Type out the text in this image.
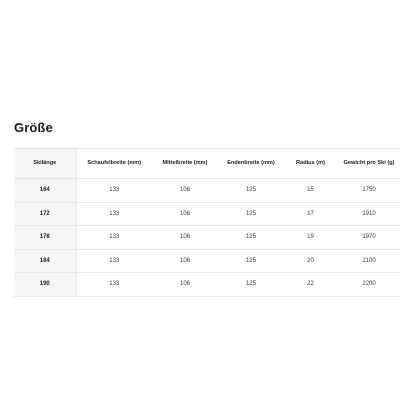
Größe
Skilänge	Schaufelbreite (mm)	Mittelbreite (mm)	Endenbreite (mm)	Radius (m)	Gewicht pro Ski (g)
164	133	106	125	15	1750
172	133	106	125	17	1910
178	133	106	125	19	1970
184	133	106	125	20	2100
190	133	106	125	22	2200
